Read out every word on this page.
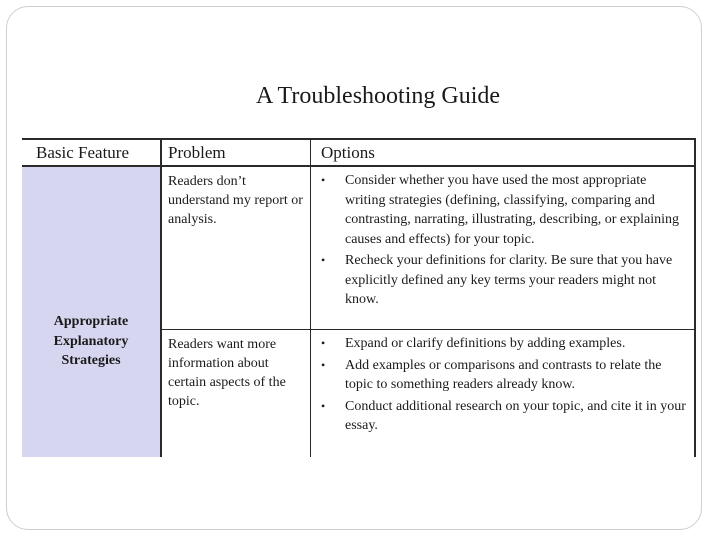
A Troubleshooting Guide
Appropriate
Explanatory
Strategies
Basic Feature Problem	Options
Readers don’t understand my report or analysis.
• Consider whether you have used the most appropriate writing strategies (defining, classifying, comparing and contrasting, narrating, illustrating, describing, or explaining causes and effects) for your topic.
• Recheck your definitions for clarity. Be sure that you have explicitly defined any key terms your readers might not know.
Readers want more information about certain aspects of the topic.
• Expand or clarify definitions by adding examples.
• Add examples or comparisons and contrasts to relate the topic to something readers already know.
• Conduct additional research on your topic, and cite it in your essay.
